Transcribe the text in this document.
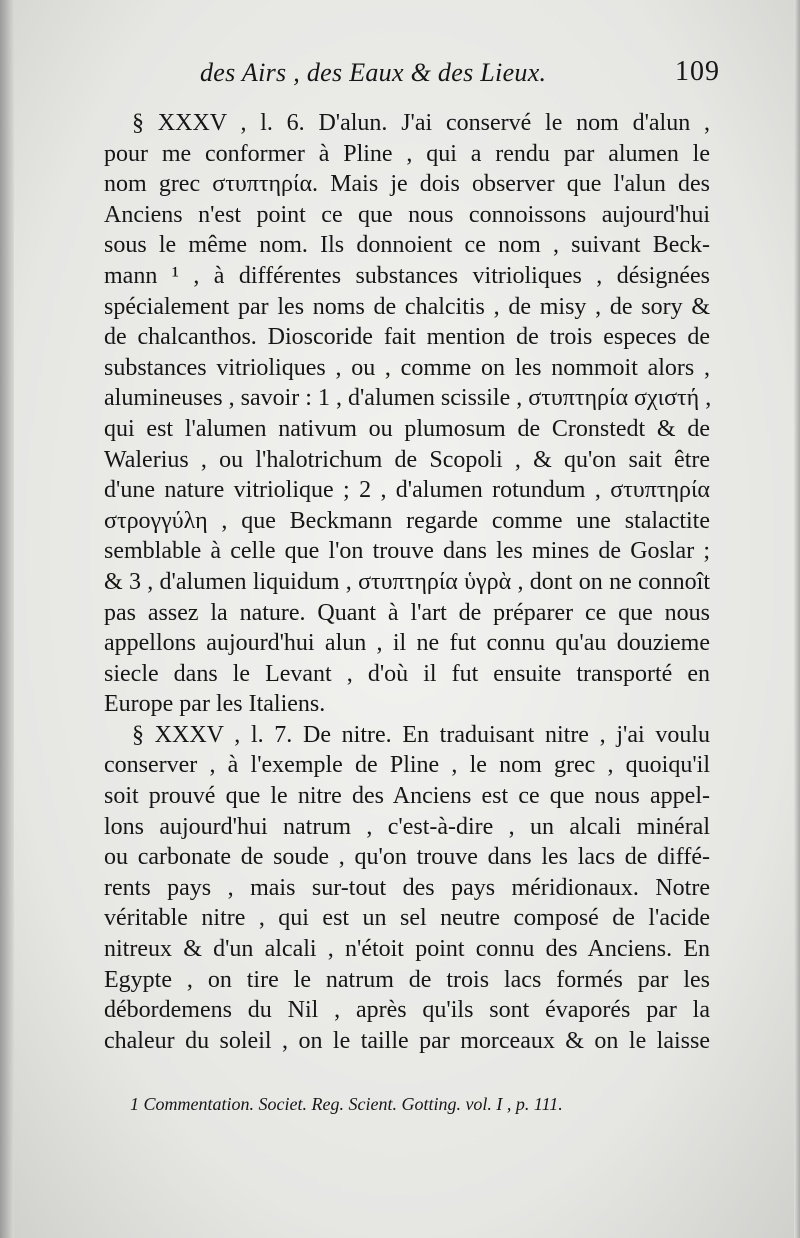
des Airs , des Eaux & des Lieux.	109
§ XXXV , l. 6. D'alun. J'ai conservé le nom d'alun ,
pour me conformer à Pline , qui a rendu par alumen le
nom grec στυπτηρία. Mais je dois observer que l'alun des
Anciens n'est point ce que nous connoissons aujourd'hui
sous le même nom. Ils donnoient ce nom , suivant Beck-
mann ¹ , à différentes substances vitrioliques , désignées
spécialement par les noms de chalcitis , de misy , de sory &
de chalcanthos. Dioscoride fait mention de trois especes de
substances vitrioliques , ou , comme on les nommoit alors ,
alumineuses , savoir : 1 , d'alumen scissile , στυπτηρία σχιστή ,
qui est l'alumen nativum ou plumosum de Cronstedt & de
Walerius , ou l'halotrichum de Scopoli , & qu'on sait être
d'une nature vitriolique ; 2 , d'alumen rotundum , στυπτηρία
στρογγύλη , que Beckmann regarde comme une stalactite
semblable à celle que l'on trouve dans les mines de Goslar ;
& 3 , d'alumen liquidum , στυπτηρία ὑγρὰ , dont on ne connoît
pas assez la nature. Quant à l'art de préparer ce que nous
appellons aujourd'hui alun , il ne fut connu qu'au douzieme
siecle dans le Levant , d'où il fut ensuite transporté en
Europe par les Italiens.
§ XXXV , l. 7. De nitre. En traduisant nitre , j'ai voulu
conserver , à l'exemple de Pline , le nom grec , quoiqu'il
soit prouvé que le nitre des Anciens est ce que nous appel-
lons aujourd'hui natrum , c'est-à-dire , un alcali minéral
ou carbonate de soude , qu'on trouve dans les lacs de diffé-
rents pays , mais sur-tout des pays méridionaux. Notre
véritable nitre , qui est un sel neutre composé de l'acide
nitreux & d'un alcali , n'étoit point connu des Anciens. En
Egypte , on tire le natrum de trois lacs formés par les
débordemens du Nil , après qu'ils sont évaporés par la
chaleur du soleil , on le taille par morceaux & on le laisse
1 Commentation. Societ. Reg. Scient. Gotting. vol. I , p. 111.
